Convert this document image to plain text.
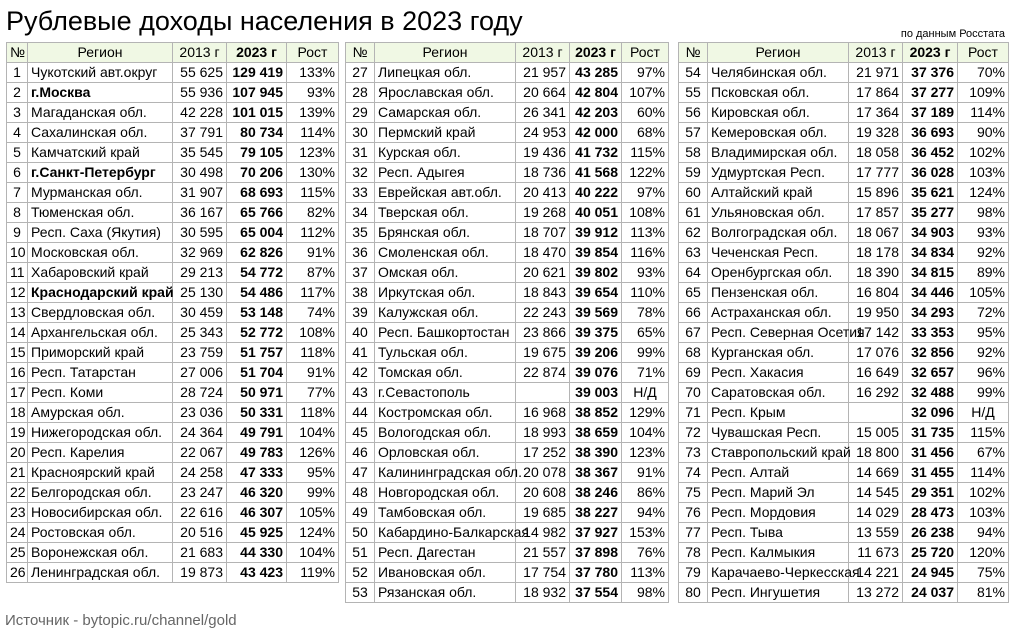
Рублевые доходы населения в 2023 году	по данным Росстата
№	Регион	2013 г	2023 г	Рост
1	Чукотский авт.округ	55 625	129 419	133%
2	г.Москва	55 936	107 945	93%
3	Магаданская обл.	42 228	101 015	139%
4	Сахалинская обл.	37 791	80 734	114%
5	Камчатский край	35 545	79 105	123%
6	г.Санкт-Петербург	30 498	70 206	130%
7	Мурманская обл.	31 907	68 693	115%
8	Тюменская обл.	36 167	65 766	82%
9	Респ. Саха (Якутия)	30 595	65 004	112%
10	Московская обл.	32 969	62 826	91%
11	Хабаровский край	29 213	54 772	87%
12	Краснодарский край	25 130	54 486	117%
13	Свердловская обл.	30 459	53 148	74%
14	Архангельская обл.	25 343	52 772	108%
15	Приморский край	23 759	51 757	118%
16	Респ. Татарстан	27 006	51 704	91%
17	Респ. Коми	28 724	50 971	77%
18	Амурская обл.	23 036	50 331	118%
19	Нижегородская обл.	24 364	49 791	104%
20	Респ. Карелия	22 067	49 783	126%
21	Красноярский край	24 258	47 333	95%
22	Белгородская обл.	23 247	46 320	99%
23	Новосибирская обл.	22 616	46 307	105%
24	Ростовская обл.	20 516	45 925	124%
25	Воронежская обл.	21 683	44 330	104%
26	Ленинградская обл.	19 873	43 423	119%
№	Регион	2013 г	2023 г	Рост
27	Липецкая обл.	21 957	43 285	97%
28	Ярославская обл.	20 664	42 804	107%
29	Самарская обл.	26 341	42 203	60%
30	Пермский край	24 953	42 000	68%
31	Курская обл.	19 436	41 732	115%
32	Респ. Адыгея	18 736	41 568	122%
33	Еврейская авт.обл.	20 413	40 222	97%
34	Тверская обл.	19 268	40 051	108%
35	Брянская обл.	18 707	39 912	113%
36	Смоленская обл.	18 470	39 854	116%
37	Омская обл.	20 621	39 802	93%
38	Иркутская обл.	18 843	39 654	110%
39	Калужская обл.	22 243	39 569	78%
40	Респ. Башкортостан	23 866	39 375	65%
41	Тульская обл.	19 675	39 206	99%
42	Томская обл.	22 874	39 076	71%
43	г.Севастополь		39 003	Н/Д
44	Костромская обл.	16 968	38 852	129%
45	Вологодская обл.	18 993	38 659	104%
46	Орловская обл.	17 252	38 390	123%
47	Калининградская обл.	20 078	38 367	91%
48	Новгородская обл.	20 608	38 246	86%
49	Тамбовская обл.	19 685	38 227	94%
50	Кабардино-Балкарская	14 982	37 927	153%
51	Респ. Дагестан	21 557	37 898	76%
52	Ивановская обл.	17 754	37 780	113%
53	Рязанская обл.	18 932	37 554	98%
№	Регион	2013 г	2023 г	Рост
54	Челябинская обл.	21 971	37 376	70%
55	Псковская обл.	17 864	37 277	109%
56	Кировская обл.	17 364	37 189	114%
57	Кемеровская обл.	19 328	36 693	90%
58	Владимирская обл.	18 058	36 452	102%
59	Удмуртская Респ.	17 777	36 028	103%
60	Алтайский край	15 896	35 621	124%
61	Ульяновская обл.	17 857	35 277	98%
62	Волгоградская обл.	18 067	34 903	93%
63	Чеченская Респ.	18 178	34 834	92%
64	Оренбургская обл.	18 390	34 815	89%
65	Пензенская обл.	16 804	34 446	105%
66	Астраханская обл.	19 950	34 293	72%
67	Респ. Северная Осетия	17 142	33 353	95%
68	Курганская обл.	17 076	32 856	92%
69	Респ. Хакасия	16 649	32 657	96%
70	Саратовская обл.	16 292	32 488	99%
71	Респ. Крым		32 096	Н/Д
72	Чувашская Респ.	15 005	31 735	115%
73	Ставропольский край	18 800	31 456	67%
74	Респ. Алтай	14 669	31 455	114%
75	Респ. Марий Эл	14 545	29 351	102%
76	Респ. Мордовия	14 029	28 473	103%
77	Респ. Тыва	13 559	26 238	94%
78	Респ. Калмыкия	11 673	25 720	120%
79	Карачаево-Черкесская	14 221	24 945	75%
80	Респ. Ингушетия	13 272	24 037	81%
Источник - bytopic.ru/channel/gold
